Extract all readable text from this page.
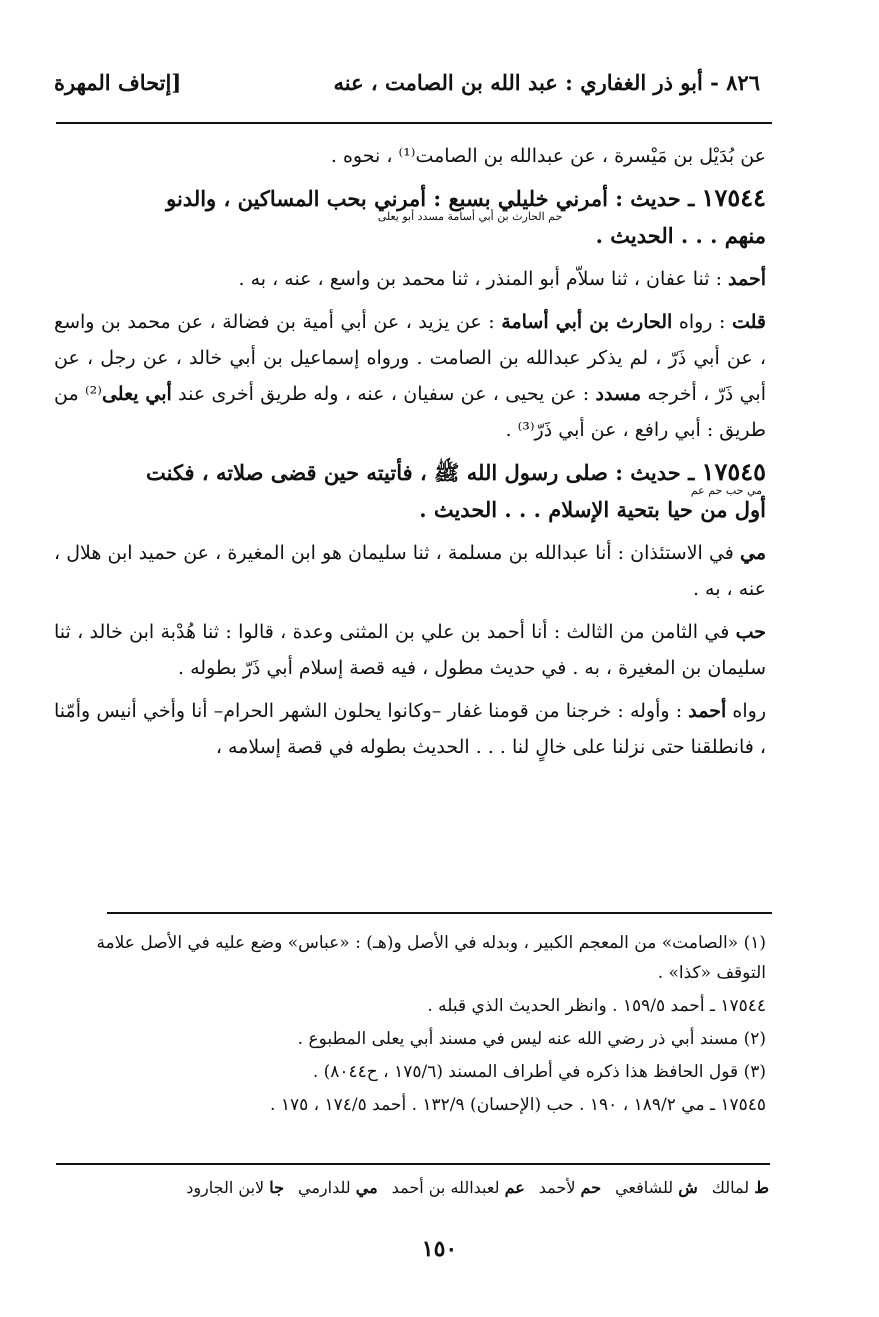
٨٢٦ - أبو ذر الغفاري : عبد الله بن الصامت ، عنه
[إتحاف المهرة

عن بُدَيْل بن مَيْسرة ، عن عبدالله بن الصامت⁽¹⁾ ، نحوه .

١٧٥٤٤ ـ حديث : أمرني خليلي بسبع : أمرني بحب المساكين ، والدنو
حم الحارث بن أبي أسامة مسدد أبو يعلى
منهم . . . الحديث .

أحمد : ثنا عفان ، ثنا سلاّم أبو المنذر ، ثنا محمد بن واسع ، عنه ، به .

قلت : رواه الحارث بن أبي أسامة : عن يزيد ، عن أبي أمية بن فضالة ، عن محمد بن واسع ، عن أبي ذَرّ ، لم يذكر عبدالله بن الصامت . ورواه إسماعيل بن أبي خالد ، عن رجل ، عن أبي ذَرّ ، أخرجه مسدد : عن يحيى ، عن سفيان ، عنه ، وله طريق أخرى عند أبي يعلى⁽²⁾ من طريق : أبي رافع ، عن أبي ذَرّ⁽³⁾ .

١٧٥٤٥ ـ حديث : صلى رسول الله ﷺ ، فأتيته حين قضى صلاته ، فكنت
مي حب حم عم
أول من حيا بتحية الإسلام . . . الحديث .

مي في الاستئذان : أنا عبدالله بن مسلمة ، ثنا سليمان هو ابن المغيرة ، عن حميد ابن هلال ، عنه ، به .

حب في الثامن من الثالث : أنا أحمد بن علي بن المثنى وعدة ، قالوا : ثنا هُدْبة ابن خالد ، ثنا سليمان بن المغيرة ، به . في حديث مطول ، فيه قصة إسلام أبي ذَرّ بطوله .

رواه أحمد : وأوله : خرجنا من قومنا غفار –وكانوا يحلون الشهر الحرام– أنا وأخي أنيس وأمّنا ، فانطلقنا حتى نزلنا على خالٍ لنا . . . الحديث بطوله في قصة إسلامه ،

(١) «الصامت» من المعجم الكبير ، وبدله في الأصل و(هـ) : «عباس» وضع عليه في الأصل علامة التوقف «كذا» .

١٧٥٤٤ ـ أحمد ١٥٩/٥ . وانظر الحديث الذي قبله .

(٢) مسند أبي ذر رضي الله عنه ليس في مسند أبي يعلى المطبوع .

(٣) قول الحافظ هذا ذكره في أطراف المسند (١٧٥/٦ ، ح٨٠٤٤) .

١٧٥٤٥ ـ مي ١٨٩/٢ ، ١٩٠ . حب (الإحسان) ١٣٢/٩ . أحمد ١٧٤/٥ ، ١٧٥ .

ط لمالك
ش للشافعي
حم لأحمد
عم لعبدالله بن أحمد
مي للدارمي
جا لابن الجارود
١٥٠
